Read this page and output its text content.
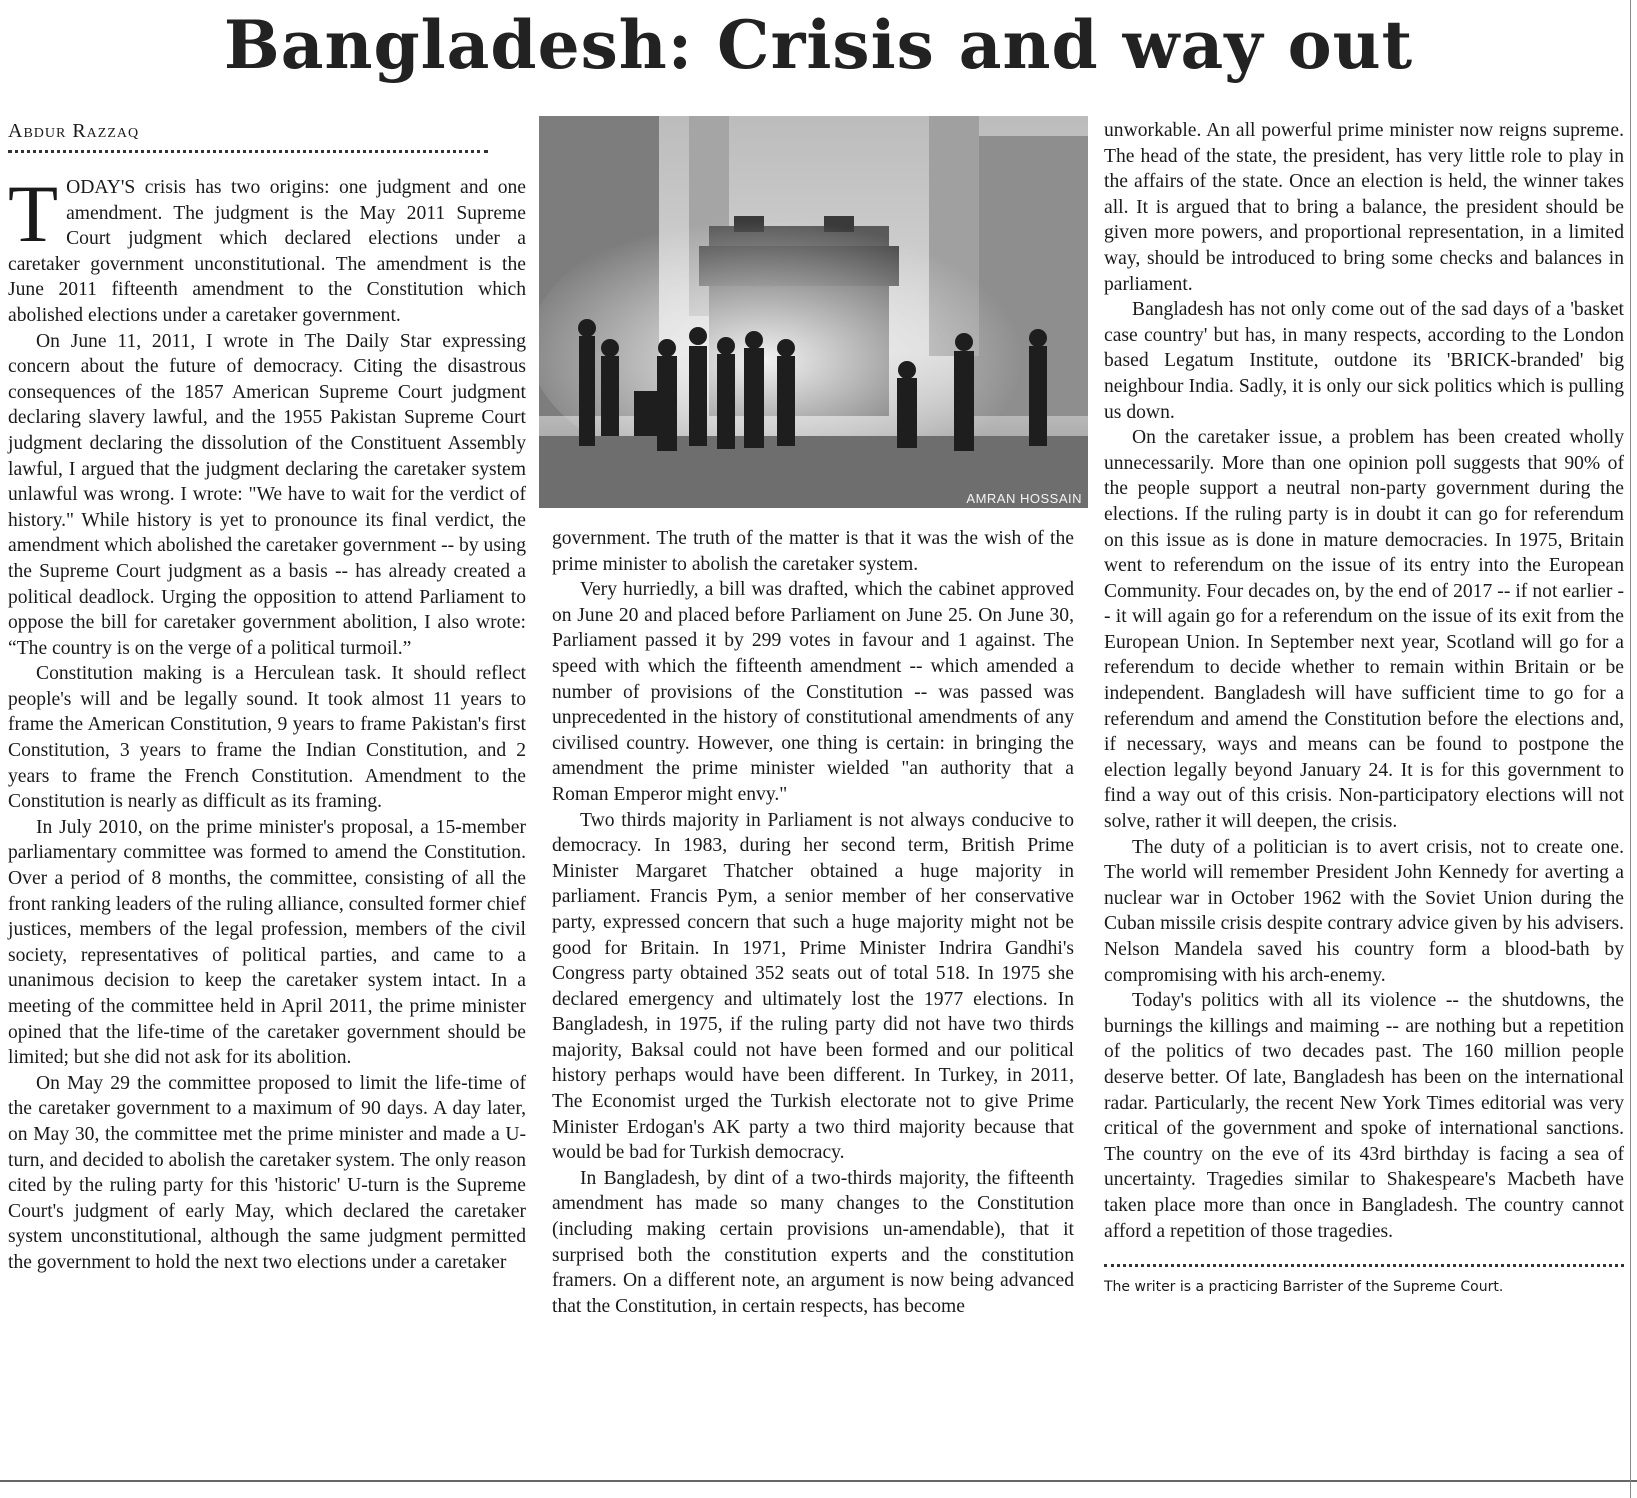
Bangladesh: Crisis and way out
Abdur Razzaq

TODAY'S crisis has two origins: one judgment and one amendment. The judgment is the May 2011 Supreme Court judgment which declared elections under a caretaker government unconstitutional. The amendment is the June 2011 fifteenth amendment to the Constitution which abolished elections under a caretaker government.

On June 11, 2011, I wrote in The Daily Star expressing concern about the future of democracy. Citing the disastrous consequences of the 1857 American Supreme Court judgment declaring slavery lawful, and the 1955 Pakistan Supreme Court judgment declaring the dissolution of the Constituent Assembly lawful, I argued that the judgment declaring the caretaker system unlawful was wrong. I wrote: "We have to wait for the verdict of history." While history is yet to pronounce its final verdict, the amendment which abolished the caretaker government -- by using the Supreme Court judgment as a basis -- has already created a political deadlock. Urging the opposition to attend Parliament to oppose the bill for caretaker government abolition, I also wrote: “The country is on the verge of a political turmoil.”

Constitution making is a Herculean task. It should reflect people's will and be legally sound. It took almost 11 years to frame the American Constitution, 9 years to frame Pakistan's first Constitution, 3 years to frame the Indian Constitution, and 2 years to frame the French Constitution. Amendment to the Constitution is nearly as difficult as its framing.

In July 2010, on the prime minister's proposal, a 15-member parliamentary committee was formed to amend the Constitution. Over a period of 8 months, the committee, consisting of all the front ranking leaders of the ruling alliance, consulted former chief justices, members of the legal profession, members of the civil society, representatives of political parties, and came to a unanimous decision to keep the caretaker system intact. In a meeting of the committee held in April 2011, the prime minister opined that the life-time of the caretaker government should be limited; but she did not ask for its abolition.

On May 29 the committee proposed to limit the life-time of the caretaker government to a maximum of 90 days. A day later, on May 30, the committee met the prime minister and made a U-turn, and decided to abolish the caretaker system. The only reason cited by the ruling party for this 'historic' U-turn is the Supreme Court's judgment of early May, which declared the caretaker system unconstitutional, although the same judgment permitted the government to hold the next two elections under a caretaker

AMRAN HOSSAIN

government. The truth of the matter is that it was the wish of the prime minister to abolish the caretaker system.

Very hurriedly, a bill was drafted, which the cabinet approved on June 20 and placed before Parliament on June 25. On June 30, Parliament passed it by 299 votes in favour and 1 against. The speed with which the fifteenth amendment -- which amended a number of provisions of the Constitution -- was passed was unprecedented in the history of constitutional amendments of any civilised country. However, one thing is certain: in bringing the amendment the prime minister wielded "an authority that a Roman Emperor might envy."

Two thirds majority in Parliament is not always conducive to democracy. In 1983, during her second term, British Prime Minister Margaret Thatcher obtained a huge majority in parliament. Francis Pym, a senior member of her conservative party, expressed concern that such a huge majority might not be good for Britain. In 1971, Prime Minister Indrira Gandhi's Congress party obtained 352 seats out of total 518. In 1975 she declared emergency and ultimately lost the 1977 elections. In Bangladesh, in 1975, if the ruling party did not have two thirds majority, Baksal could not have been formed and our political history perhaps would have been different. In Turkey, in 2011, The Economist urged the Turkish electorate not to give Prime Minister Erdogan's AK party a two third majority because that would be bad for Turkish democracy.

In Bangladesh, by dint of a two-thirds majority, the fifteenth amendment has made so many changes to the Constitution (including making certain provisions un-amendable), that it surprised both the constitution experts and the constitution framers. On a different note, an argument is now being advanced that the Constitution, in certain respects, has become

unworkable. An all powerful prime minister now reigns supreme. The head of the state, the president, has very little role to play in the affairs of the state. Once an election is held, the winner takes all. It is argued that to bring a balance, the president should be given more powers, and proportional representation, in a limited way, should be introduced to bring some checks and balances in parliament.

Bangladesh has not only come out of the sad days of a 'basket case country' but has, in many respects, according to the London based Legatum Institute, outdone its 'BRICK-branded' big neighbour India. Sadly, it is only our sick politics which is pulling us down.

On the caretaker issue, a problem has been created wholly unnecessarily. More than one opinion poll suggests that 90% of the people support a neutral non-party government during the elections. If the ruling party is in doubt it can go for referendum on this issue as is done in mature democracies. In 1975, Britain went to referendum on the issue of its entry into the European Community. Four decades on, by the end of 2017 -- if not earlier -- it will again go for a referendum on the issue of its exit from the European Union. In September next year, Scotland will go for a referendum to decide whether to remain within Britain or be independent. Bangladesh will have sufficient time to go for a referendum and amend the Constitution before the elections and, if necessary, ways and means can be found to postpone the election legally beyond January 24. It is for this government to find a way out of this crisis. Non-participatory elections will not solve, rather it will deepen, the crisis.

The duty of a politician is to avert crisis, not to create one. The world will remember President John Kennedy for averting a nuclear war in October 1962 with the Soviet Union during the Cuban missile crisis despite contrary advice given by his advisers. Nelson Mandela saved his country form a blood-bath by compromising with his arch-enemy.

Today's politics with all its violence -- the shutdowns, the burnings the killings and maiming -- are nothing but a repetition of the politics of two decades past. The 160 million people deserve better. Of late, Bangladesh has been on the international radar. Particularly, the recent New York Times editorial was very critical of the government and spoke of international sanctions. The country on the eve of its 43rd birthday is facing a sea of uncertainty. Tragedies similar to Shakespeare's Macbeth have taken place more than once in Bangladesh. The country cannot afford a repetition of those tragedies.

The writer is a practicing Barrister of the Supreme Court.
